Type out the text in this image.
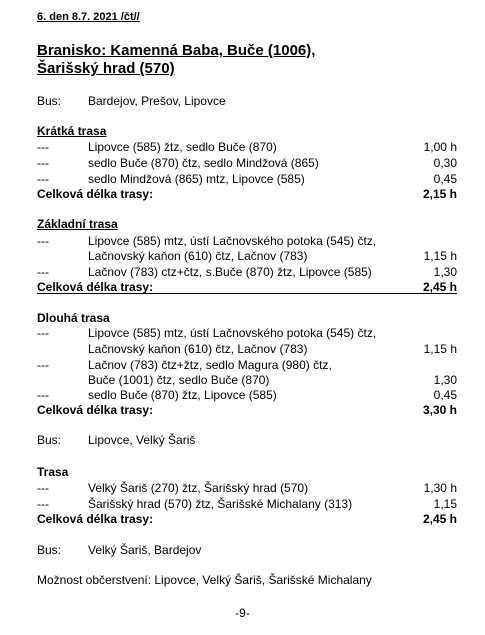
6. den 8.7. 2021 /čt//
Branisko: Kamenná Baba, Buče (1006),
Šarišský hrad (570)
Bus: Bardejov, Prešov, Lipovce
Krátká trasa
---	Lipovce (585) žtz, sedlo Buče (870)	1,00 h
---	sedlo Buče (870) čtz, sedlo Mindžová (865)	0,30
---	sedlo Mindžová (865) mtz, Lipovce (585)	0,45
Celková délka trasy:	2,15 h
Základní trasa
---	Lipovce (585) mtz, ústí Lačnovského potoka (545) čtz,
Lačnovský kaňon (610) čtz, Lačnov (783)	1,15 h
---	Lačnov (783) ctz+čtz, s.Buče (870) žtz, Lipovce (585)	1,30
Celková délka trasy:	2,45 h
Dlouhá trasa
---	Lipovce (585) mtz, ústí Lačnovského potoka (545) čtz,
Lačnovský kaňon (610) čtz, Lačnov (783)	1,15 h
---	Lačnov (783) čtz+žtz, sedlo Magura (980) čtz,
Buče (1001) čtz, sedlo Buče (870)	1,30
---	sedlo Buče (870) žtz, Lipovce (585)	0,45
Celková délka trasy:	3,30 h
Bus: Lipovce, Velký Šariš
Trasa
---	Velký Šariš (270) žtz, Šarišský hrad (570)	1,30 h
---	Šarišský hrad (570) žtz, Šarišské Michalany (313)	1,15
Celková délka trasy:	2,45 h
Bus: Velký Šariš, Bardejov
Možnost občerstvení: Lipovce, Velký Šariš, Šarišské Michalany
-9-
